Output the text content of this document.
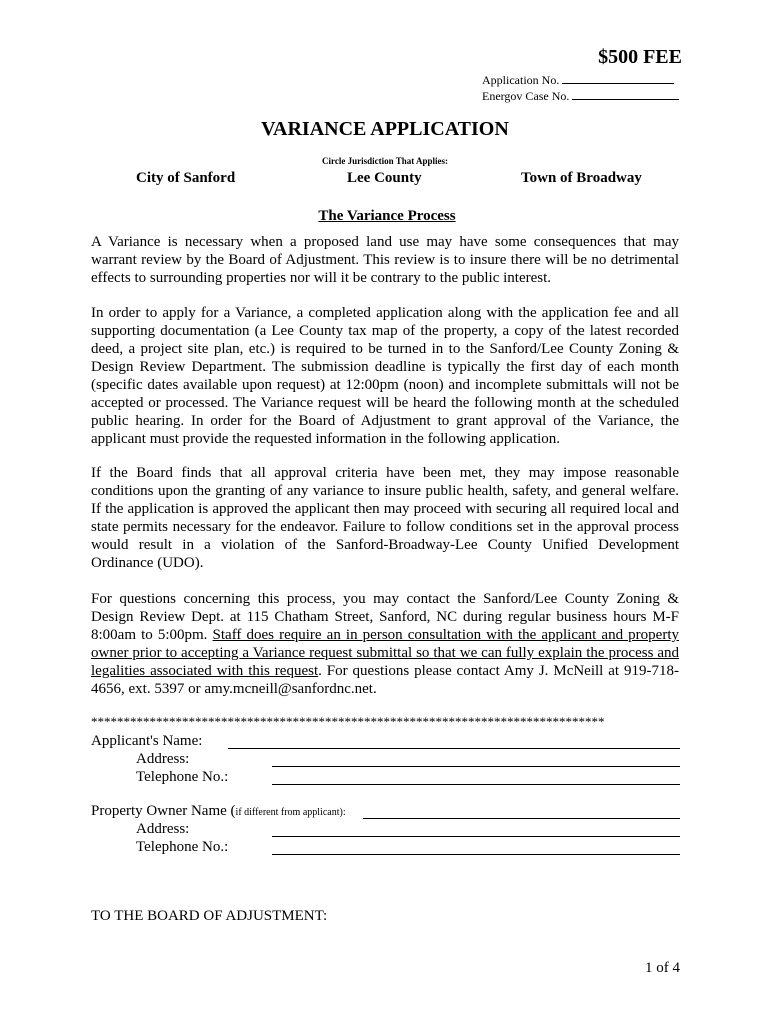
$500 FEE
Application No.
Energov Case No.
VARIANCE APPLICATION
Circle Jurisdiction That Applies:
City of Sanford	Lee County	Town of Broadway
The Variance Process
A Variance is necessary when a proposed land use may have some consequences that may warrant review by the Board of Adjustment. This review is to insure there will be no detrimental effects to surrounding properties nor will it be contrary to the public interest.
In order to apply for a Variance, a completed application along with the application fee and all supporting documentation (a Lee County tax map of the property, a copy of the latest recorded deed, a project site plan, etc.) is required to be turned in to the Sanford/Lee County Zoning & Design Review Department. The submission deadline is typically the first day of each month (specific dates available upon request) at 12:00pm (noon) and incomplete submittals will not be accepted or processed. The Variance request will be heard the following month at the scheduled public hearing. In order for the Board of Adjustment to grant approval of the Variance, the applicant must provide the requested information in the following application.
If the Board finds that all approval criteria have been met, they may impose reasonable conditions upon the granting of any variance to insure public health, safety, and general welfare. If the application is approved the applicant then may proceed with securing all required local and state permits necessary for the endeavor. Failure to follow conditions set in the approval process would result in a violation of the Sanford-Broadway-Lee County Unified Development Ordinance (UDO).
For questions concerning this process, you may contact the Sanford/Lee County Zoning & Design Review Dept. at 115 Chatham Street, Sanford, NC during regular business hours M-F 8:00am to 5:00pm. Staff does require an in person consultation with the applicant and property owner prior to accepting a Variance request submittal so that we can fully explain the process and legalities associated with this request. For questions please contact Amy J. McNeill at 919-718-4656, ext. 5397 or amy.mcneill@sanfordnc.net.
*******************************************************************************
Applicant's Name:
Address:
Telephone No.:
Property Owner Name (if different from applicant):
Address:
Telephone No.:
TO THE BOARD OF ADJUSTMENT:
1 of 4
